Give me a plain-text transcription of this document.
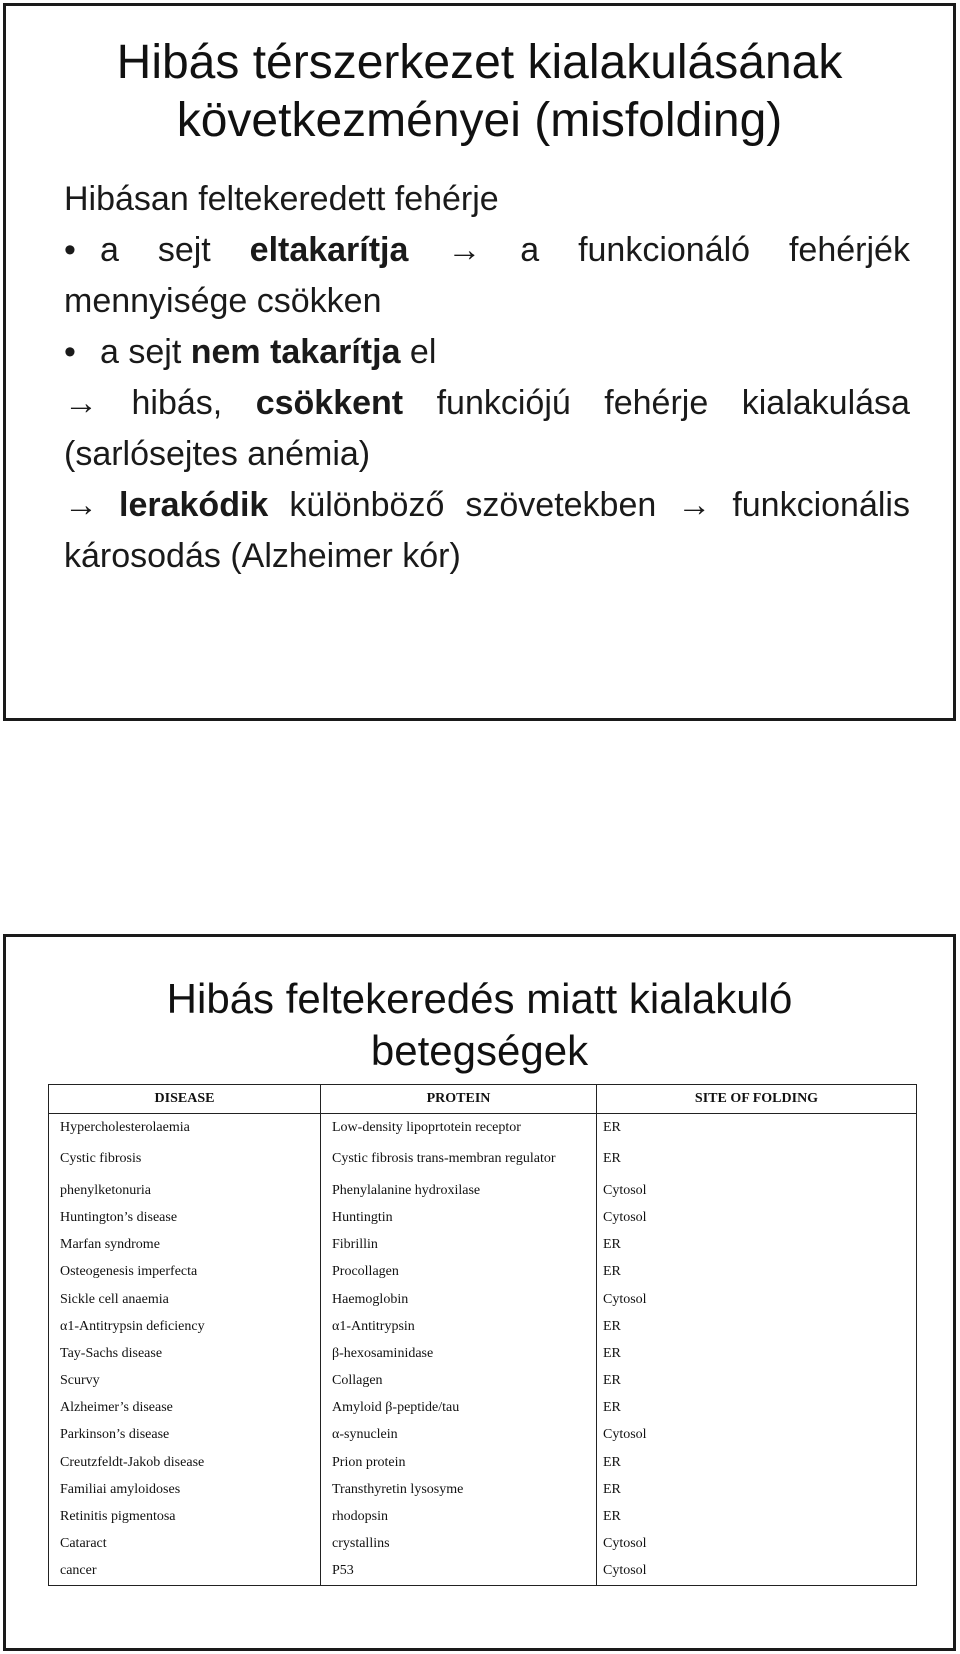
Hibás térszerkezet kialakulásának
következményei (misfolding)
Hibásan feltekeredett fehérje
• a sejt eltakarítja → a funkcionáló fehérjék
mennyisége csökken
• a sejt nem takarítja el
→ hibás, csökkent funkciójú fehérje kialakulása
(sarlósejtes anémia)
→ lerakódik különböző szövetekben → funkcionális
károsodás (Alzheimer kór)
Hibás feltekeredés miatt kialakuló
betegségek
DISEASE	PROTEIN	SITE OF FOLDING
Hypercholesterolaemia	Low-density lipoprtotein receptor	ER
Cystic fibrosis	Cystic fibrosis trans-membran regulator	ER
phenylketonuria	Phenylalanine hydroxilase	Cytosol
Huntington’s disease	Huntingtin	Cytosol
Marfan syndrome	Fibrillin	ER
Osteogenesis imperfecta	Procollagen	ER
Sickle cell anaemia	Haemoglobin	Cytosol
α1-Antitrypsin deficiency	α1-Antitrypsin	ER
Tay-Sachs disease	β-hexosaminidase	ER
Scurvy	Collagen	ER
Alzheimer’s disease	Amyloid β-peptide/tau	ER
Parkinson’s disease	α-synuclein	Cytosol
Creutzfeldt-Jakob disease	Prion protein	ER
Familiai amyloidoses	Transthyretin lysosyme	ER
Retinitis pigmentosa	rhodopsin	ER
Cataract	crystallins	Cytosol
cancer	P53	Cytosol
